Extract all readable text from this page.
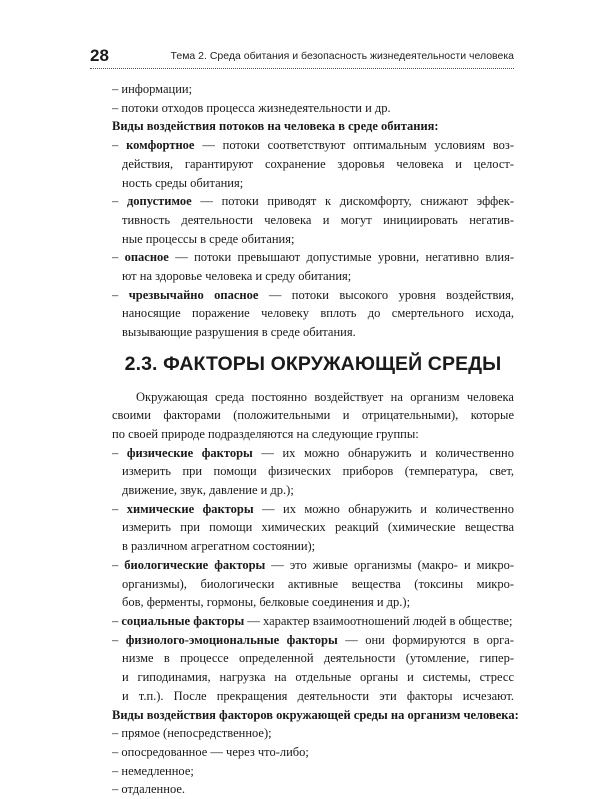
28	Тема 2. Среда обитания и безопасность жизнедеятельности человека
– информации;
– потоки отходов процесса жизнедеятельности и др.
Виды воздействия потоков на человека в среде обитания:
– комфортное — потоки соответствуют оптимальным условиям воз-
действия, гарантируют сохранение здоровья человека и целост-
ность среды обитания;
– допустимое — потоки приводят к дискомфорту, снижают эффек-
тивность деятельности человека и могут инициировать негатив-
ные процессы в среде обитания;
– опасное — потоки превышают допустимые уровни, негативно влия-
ют на здоровье человека и среду обитания;
– чрезвычайно опасное — потоки высокого уровня воздействия,
наносящие поражение человеку вплоть до смертельного исхода,
вызывающие разрушения в среде обитания.
2.3. ФАКТОРЫ ОКРУЖАЮЩЕЙ СРЕДЫ
Окружающая среда постоянно воздействует на организм человека
своими факторами (положительными и отрицательными), которые
по своей природе подразделяются на следующие группы:
– физические факторы — их можно обнаружить и количественно
измерить при помощи физических приборов (температура, свет,
движение, звук, давление и др.);
– химические факторы — их можно обнаружить и количественно
измерить при помощи химических реакций (химические вещества
в различном агрегатном состоянии);
– биологические факторы — это живые организмы (макро- и микро-
организмы), биологически активные вещества (токсины микро-
бов, ферменты, гормоны, белковые соединения и др.);
– социальные факторы — характер взаимоотношений людей в обществе;
– физиолого-эмоциональные факторы — они формируются в орга-
низме в процессе определенной деятельности (утомление, гипер-
и гиподинамия, нагрузка на отдельные органы и системы, стресс
и т.п.). После прекращения деятельности эти факторы исчезают.
Виды воздействия факторов окружающей среды на организм человека:
– прямое (непосредственное);
– опосредованное — через что-либо;
– немедленное;
– отдаленное.
